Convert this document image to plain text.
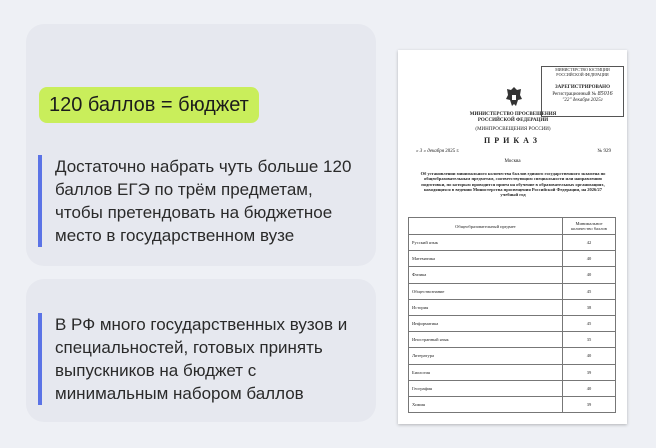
120 баллов = бюджет
Достаточно набрать чуть больше 120 баллов ЕГЭ по трём предметам, чтобы претендовать на бюджетное место в государственном вузе
В РФ много государственных вузов и специальностей, готовых принять выпускников на бюджет с минимальным набором баллов
МИНИСТЕРСТВО ЮСТИЦИИ РОССИЙСКОЙ ФЕДЕРАЦИИ
ЗАРЕГИСТРИРОВАНО
Регистрационный № 85016
"22" декабря 2025г
МИНИСТЕРСТВО ПРОСВЕЩЕНИЯ
РОССИЙСКОЙ ФЕДЕРАЦИИ
(МИНПРОСВЕЩЕНИЯ РОССИИ)
ПРИКАЗ
« 3 » декабря 2025 г.	№ 929
Москва
Об установлении минимального количества баллов единого государственного экзамена по общеобразовательным предметам, соответствующим специальности или направлению подготовки, по которым проводится прием на обучение в образовательных организациях, находящихся в ведении Министерства просвещения Российской Федерации, на 2026/27 учебный год
Общеобразовательный предмет	Минимальное количество баллов
Русский язык	42
Математика	40
Физика	40
Обществознание	45
История	38
Информатика	45
Иностранный язык	35
Литература	40
Биология	39
География	40
Химия	39
